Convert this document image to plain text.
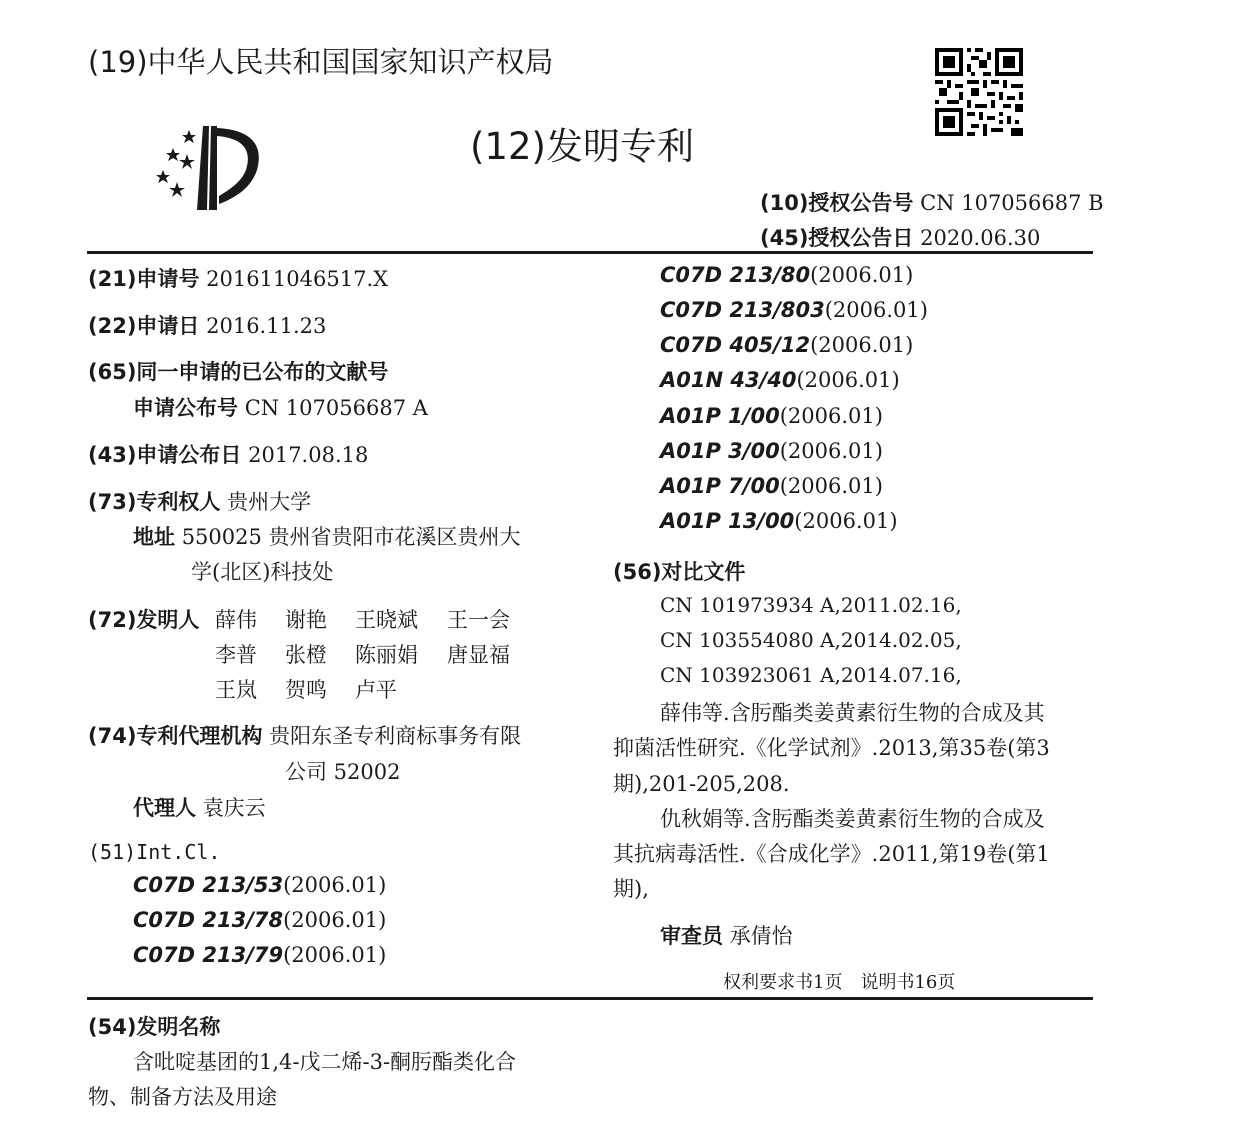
(19)中华人民共和国国家知识产权局
(12)发明专利
(10)授权公告号 CN 107056687 B
(45)授权公告日 2020.06.30
(21)申请号 201611046517.X
(22)申请日 2016.11.23
(65)同一申请的已公布的文献号
申请公布号 CN 107056687 A
(43)申请公布日 2017.08.18
(73)专利权人 贵州大学
地址 550025 贵州省贵阳市花溪区贵州大
学(北区)科技处
(72)发明人 薛伟 谢艳 王晓斌 王一会
李普 张橙 陈丽娟 唐显福
王岚 贺鸣 卢平
(74)专利代理机构 贵阳东圣专利商标事务有限
公司 52002
代理人 袁庆云
(51)Int.Cl.
C07D 213/53(2006.01)
C07D 213/78(2006.01)
C07D 213/79(2006.01)
C07D 213/80(2006.01)
C07D 213/803(2006.01)
C07D 405/12(2006.01)
A01N 43/40(2006.01)
A01P 1/00(2006.01)
A01P 3/00(2006.01)
A01P 7/00(2006.01)
A01P 13/00(2006.01)
(56)对比文件
CN 101973934 A,2011.02.16,
CN 103554080 A,2014.02.05,
CN 103923061 A,2014.07.16,
薛伟等.含肟酯类姜黄素衍生物的合成及其
抑菌活性研究.《化学试剂》.2013,第35卷(第3
期),201-205,208.
仇秋娟等.含肟酯类姜黄素衍生物的合成及
其抗病毒活性.《合成化学》.2011,第19卷(第1
期),
审查员 承倩怡
权利要求书1页　说明书16页
(54)发明名称
含吡啶基团的1,4-戊二烯-3-酮肟酯类化合
物、制备方法及用途
